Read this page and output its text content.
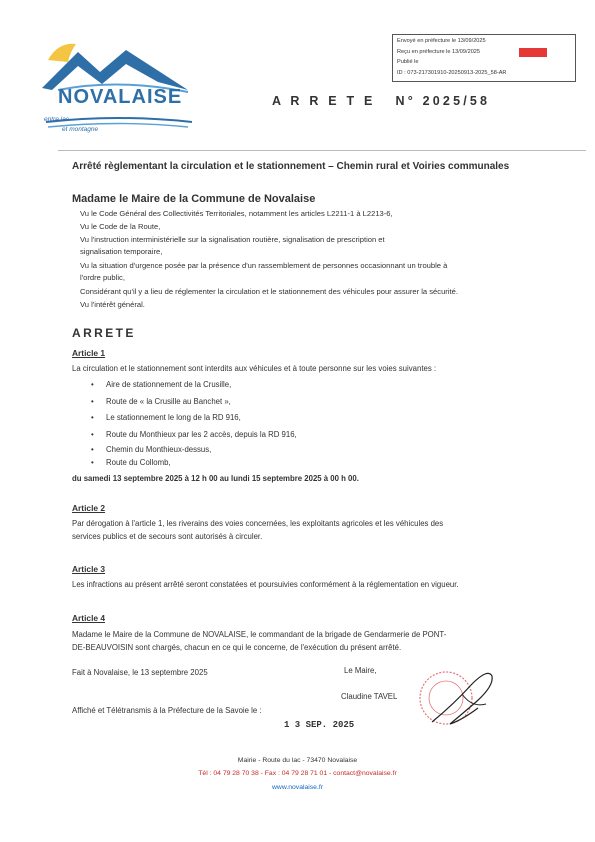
NOVALAISE
entre lac
et montagne
Envoyé en préfecture le 13/09/2025
Reçu en préfecture le 13/09/2025
Publié le
ID : 073-217301910-20250913-2025_58-AR
A R R E T E   N° 2025/58
Arrêté règlementant la circulation et le stationnement – Chemin rural et Voiries communales
Madame le Maire de la Commune de Novalaise
Vu le Code Général des Collectivités Territoriales, notamment les articles L2211-1 à L2213-6,
Vu le Code de la Route,
Vu l'instruction interministérielle sur la signalisation routière, signalisation de prescription et
signalisation temporaire,
Vu la situation d'urgence posée par la présence d'un rassemblement de personnes occasionnant un trouble à
l'ordre public,
Considérant qu'il y a lieu de réglementer la circulation et le stationnement des véhicules pour assurer la sécurité.
Vu l'intérêt général.
ARRETE
Article 1
La circulation et le stationnement sont interdits aux véhicules et à toute personne sur les voies suivantes :
• Aire de stationnement de la Crusille,
• Route de « la Crusille au Banchet »,
• Le stationnement le long de la RD 916,
• Route du Monthieux par les 2 accès, depuis la RD 916,
• Chemin du Monthieux-dessus,
• Route du Collomb,
du samedi 13 septembre 2025 à 12 h 00 au lundi 15 septembre 2025 à 00 h 00.
Article 2
Par dérogation à l'article 1, les riverains des voies concernées, les exploitants agricoles et les véhicules des
services publics et de secours sont autorisés à circuler.
Article 3
Les infractions au présent arrêté seront constatées et poursuivies conformément à la réglementation en vigueur.
Article 4
Madame le Maire de la Commune de NOVALAISE, le commandant de la brigade de Gendarmerie de PONT-
DE-BEAUVOISIN sont chargés, chacun en ce qui le concerne, de l'exécution du présent arrêté.
Fait à Novalaise, le 13 septembre 2025	Le Maire,
Claudine TAVEL
Affiché et Télétransmis à la Préfecture de la Savoie le :
1 3 SEP. 2025
Mairie - Route du lac - 73470 Novalaise
Tél : 04 79 28 70 38 - Fax : 04 79 28 71 01 - contact@novalaise.fr
www.novalaise.fr
